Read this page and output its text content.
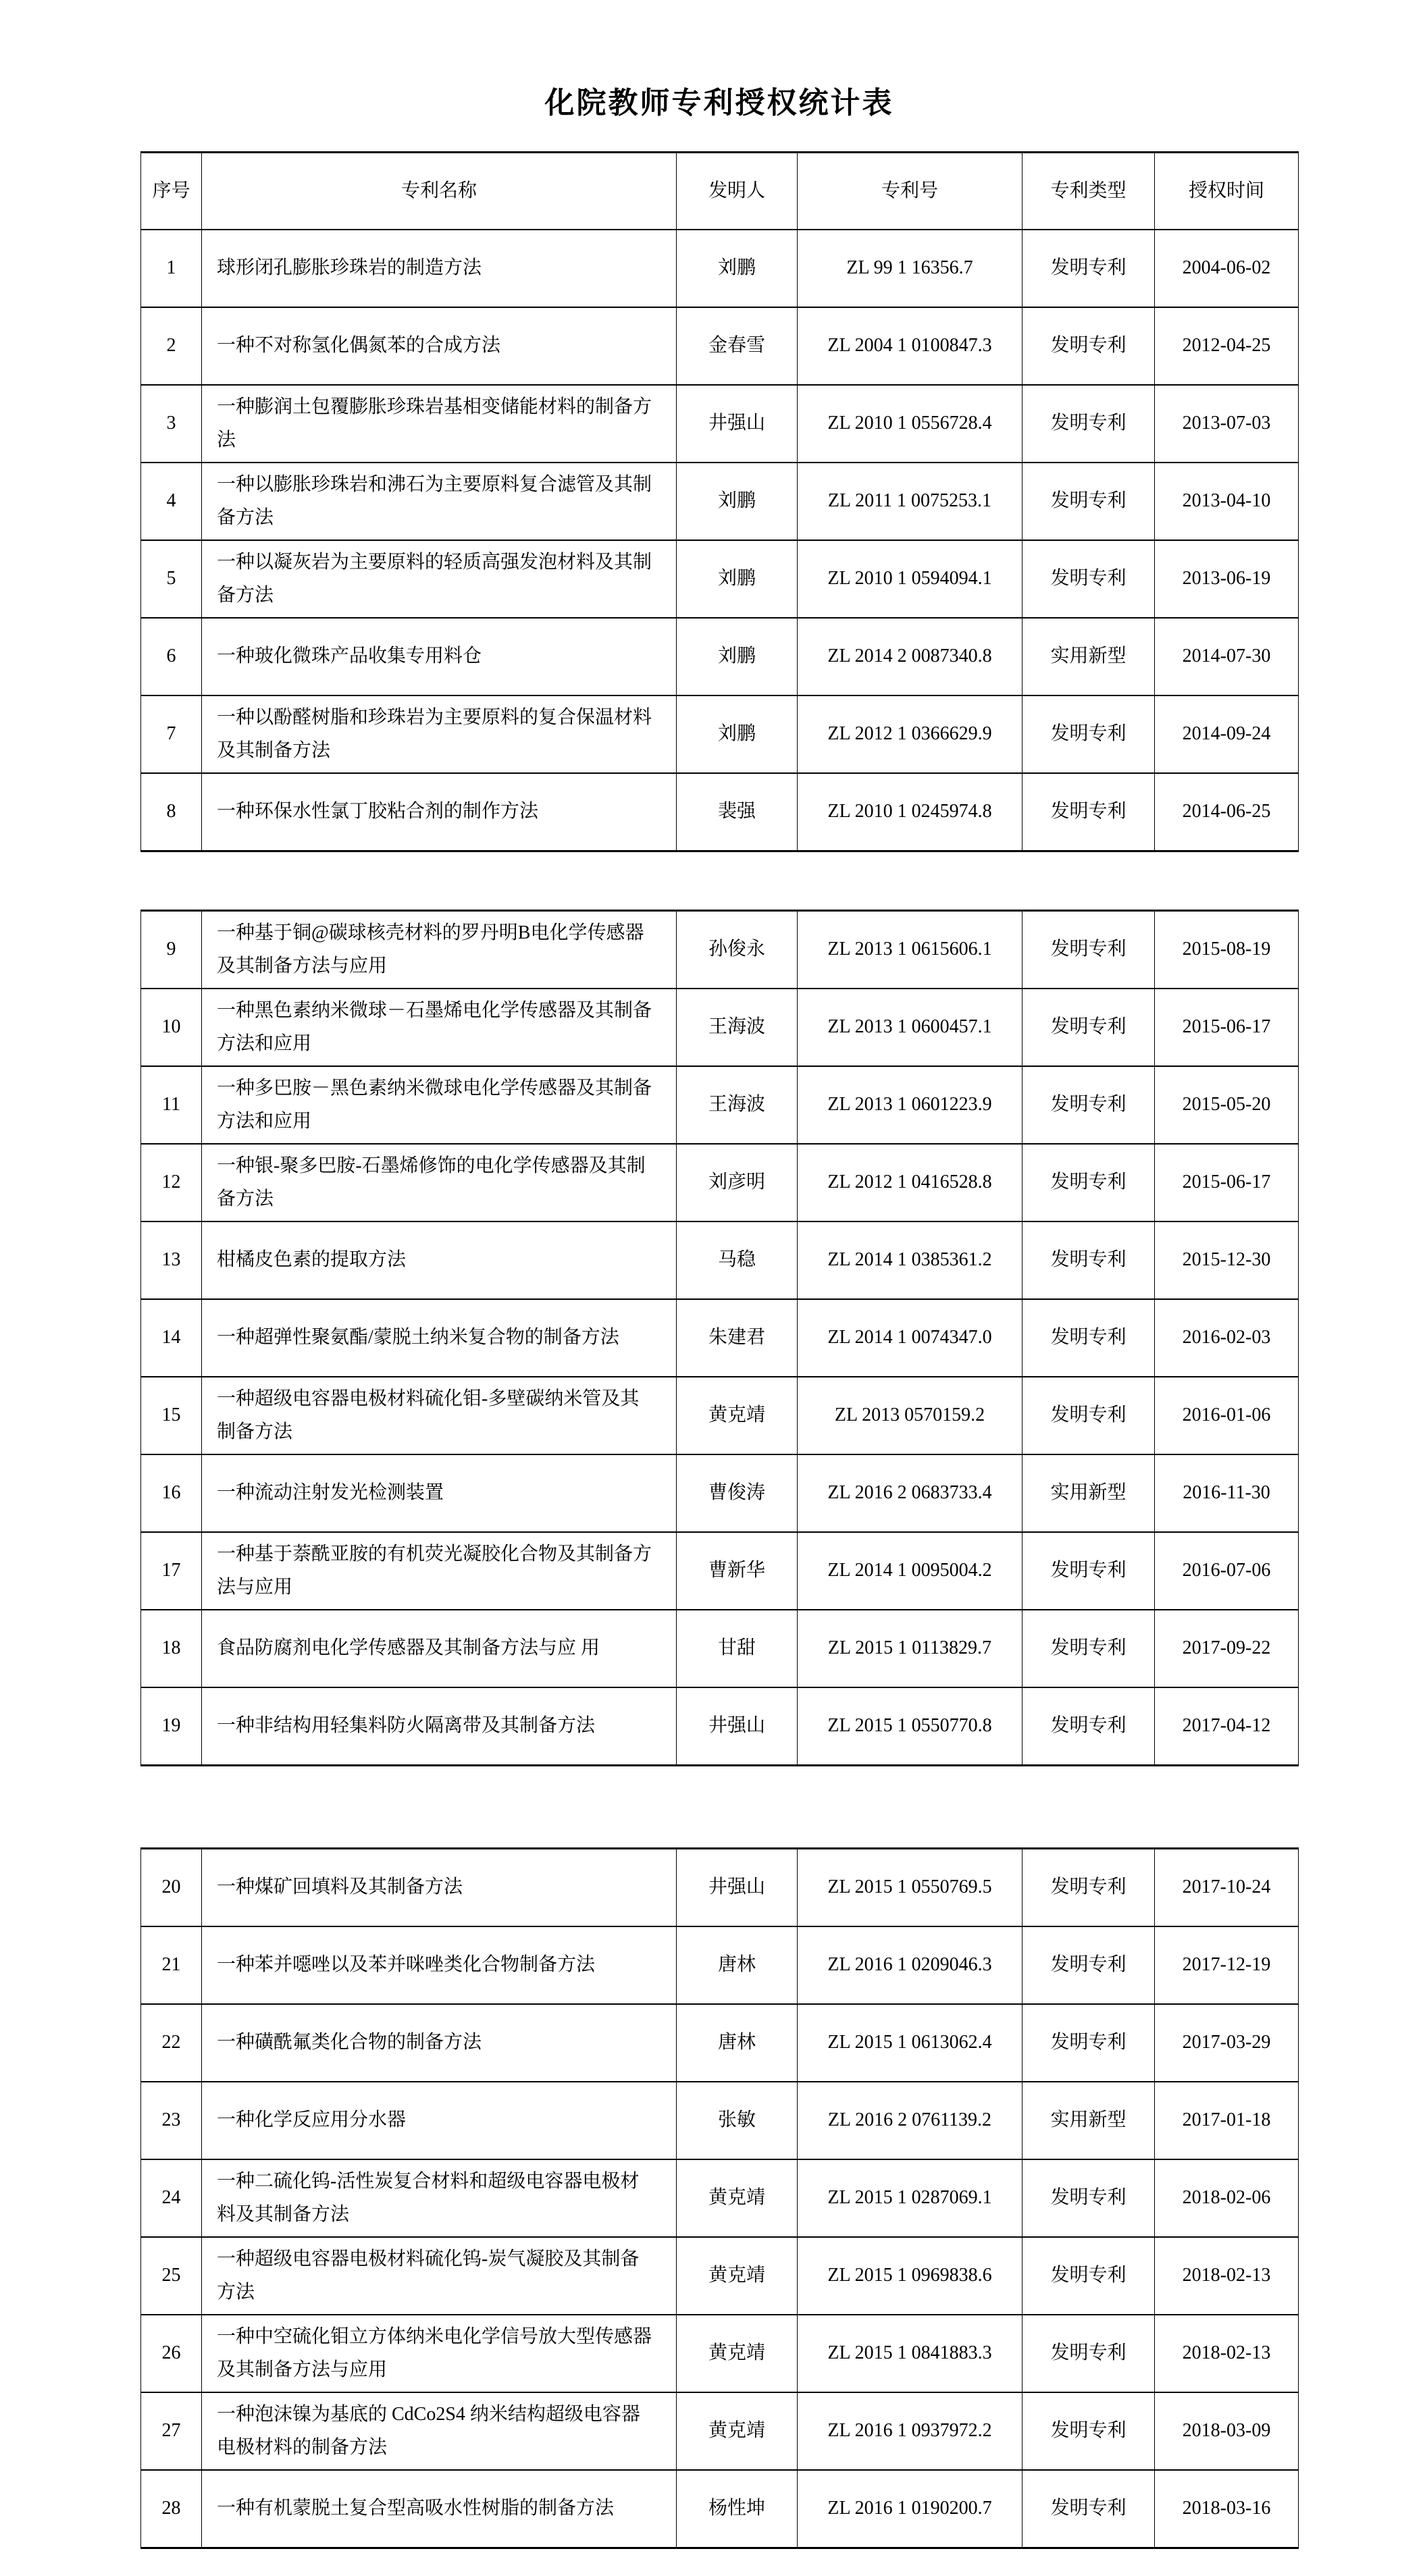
化院教师专利授权统计表
序号	专利名称	发明人	专利号	专利类型	授权时间
1	球形闭孔膨胀珍珠岩的制造方法	刘鹏	ZL 99 1 16356.7	发明专利	2004-06-02
2	一种不对称氢化偶氮苯的合成方法	金春雪	ZL 2004 1 0100847.3	发明专利	2012-04-25
3	一种膨润土包覆膨胀珍珠岩基相变储能材料的制备方法	井强山	ZL 2010 1 0556728.4	发明专利	2013-07-03
4	一种以膨胀珍珠岩和沸石为主要原料复合滤管及其制备方法	刘鹏	ZL 2011 1 0075253.1	发明专利	2013-04-10
5	一种以凝灰岩为主要原料的轻质高强发泡材料及其制备方法	刘鹏	ZL 2010 1 0594094.1	发明专利	2013-06-19
6	一种玻化微珠产品收集专用料仓	刘鹏	ZL 2014 2 0087340.8	实用新型	2014-07-30
7	一种以酚醛树脂和珍珠岩为主要原料的复合保温材料及其制备方法	刘鹏	ZL 2012 1 0366629.9	发明专利	2014-09-24
8	一种环保水性氯丁胶粘合剂的制作方法	裴强	ZL 2010 1 0245974.8	发明专利	2014-06-25
9	一种基于铜@碳球核壳材料的罗丹明B电化学传感器及其制备方法与应用	孙俊永	ZL 2013 1 0615606.1	发明专利	2015-08-19
10	一种黑色素纳米微球－石墨烯电化学传感器及其制备方法和应用	王海波	ZL 2013 1 0600457.1	发明专利	2015-06-17
11	一种多巴胺－黑色素纳米微球电化学传感器及其制备方法和应用	王海波	ZL 2013 1 0601223.9	发明专利	2015-05-20
12	一种银-聚多巴胺-石墨烯修饰的电化学传感器及其制备方法	刘彦明	ZL 2012 1 0416528.8	发明专利	2015-06-17
13	柑橘皮色素的提取方法	马稳	ZL 2014 1 0385361.2	发明专利	2015-12-30
14	一种超弹性聚氨酯/蒙脱土纳米复合物的制备方法	朱建君	ZL 2014 1 0074347.0	发明专利	2016-02-03
15	一种超级电容器电极材料硫化钼-多壁碳纳米管及其制备方法	黄克靖	ZL 2013 0570159.2	发明专利	2016-01-06
16	一种流动注射发光检测装置	曹俊涛	ZL 2016 2 0683733.4	实用新型	2016-11-30
17	一种基于萘酰亚胺的有机荧光凝胶化合物及其制备方法与应用	曹新华	ZL 2014 1 0095004.2	发明专利	2016-07-06
18	食品防腐剂电化学传感器及其制备方法与应 用	甘甜	ZL 2015 1 0113829.7	发明专利	2017-09-22
19	一种非结构用轻集料防火隔离带及其制备方法	井强山	ZL 2015 1 0550770.8	发明专利	2017-04-12
20	一种煤矿回填料及其制备方法	井强山	ZL 2015 1 0550769.5	发明专利	2017-10-24
21	一种苯并噁唑以及苯并咪唑类化合物制备方法	唐林	ZL 2016 1 0209046.3	发明专利	2017-12-19
22	一种磺酰氟类化合物的制备方法	唐林	ZL 2015 1 0613062.4	发明专利	2017-03-29
23	一种化学反应用分水器	张敏	ZL 2016 2 0761139.2	实用新型	2017-01-18
24	一种二硫化钨-活性炭复合材料和超级电容器电极材料及其制备方法	黄克靖	ZL 2015 1 0287069.1	发明专利	2018-02-06
25	一种超级电容器电极材料硫化钨-炭气凝胶及其制备方法	黄克靖	ZL 2015 1 0969838.6	发明专利	2018-02-13
26	一种中空硫化钼立方体纳米电化学信号放大型传感器及其制备方法与应用	黄克靖	ZL 2015 1 0841883.3	发明专利	2018-02-13
27	一种泡沫镍为基底的 CdCo2S4 纳米结构超级电容器电极材料的制备方法	黄克靖	ZL 2016 1 0937972.2	发明专利	2018-03-09
28	一种有机蒙脱土复合型高吸水性树脂的制备方法	杨性坤	ZL 2016 1 0190200.7	发明专利	2018-03-16
